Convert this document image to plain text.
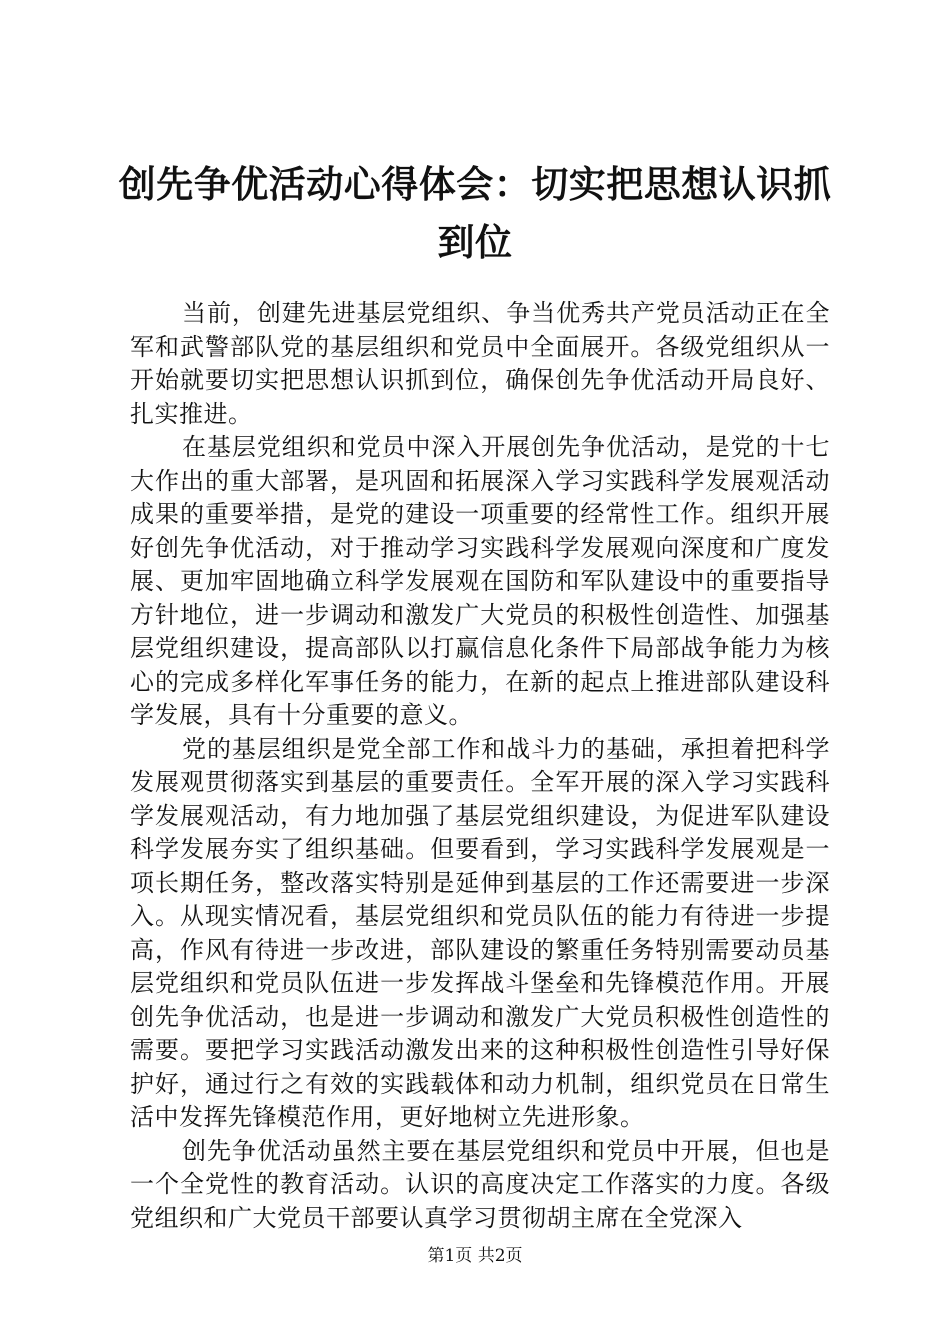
创先争优活动心得体会：切实把思想认识抓到位

当前，创建先进基层党组织、争当优秀共产党员活动正在全军和武警部队党的基层组织和党员中全面展开。各级党组织从一开始就要切实把思想认识抓到位，确保创先争优活动开局良好、扎实推进。

在基层党组织和党员中深入开展创先争优活动，是党的十七大作出的重大部署，是巩固和拓展深入学习实践科学发展观活动成果的重要举措，是党的建设一项重要的经常性工作。组织开展好创先争优活动，对于推动学习实践科学发展观向深度和广度发展、更加牢固地确立科学发展观在国防和军队建设中的重要指导方针地位，进一步调动和激发广大党员的积极性创造性、加强基层党组织建设，提高部队以打赢信息化条件下局部战争能力为核心的完成多样化军事任务的能力，在新的起点上推进部队建设科学发展，具有十分重要的意义。

党的基层组织是党全部工作和战斗力的基础，承担着把科学发展观贯彻落实到基层的重要责任。全军开展的深入学习实践科学发展观活动，有力地加强了基层党组织建设，为促进军队建设科学发展夯实了组织基础。但要看到，学习实践科学发展观是一项长期任务，整改落实特别是延伸到基层的工作还需要进一步深入。从现实情况看，基层党组织和党员队伍的能力有待进一步提高，作风有待进一步改进，部队建设的繁重任务特别需要动员基层党组织和党员队伍进一步发挥战斗堡垒和先锋模范作用。开展创先争优活动，也是进一步调动和激发广大党员积极性创造性的需要。要把学习实践活动激发出来的这种积极性创造性引导好保护好，通过行之有效的实践载体和动力机制，组织党员在日常生活中发挥先锋模范作用，更好地树立先进形象。

创先争优活动虽然主要在基层党组织和党员中开展，但也是一个全党性的教育活动。认识的高度决定工作落实的力度。各级党组织和广大党员干部要认真学习贯彻胡主席在全党深入

第1页 共2页
